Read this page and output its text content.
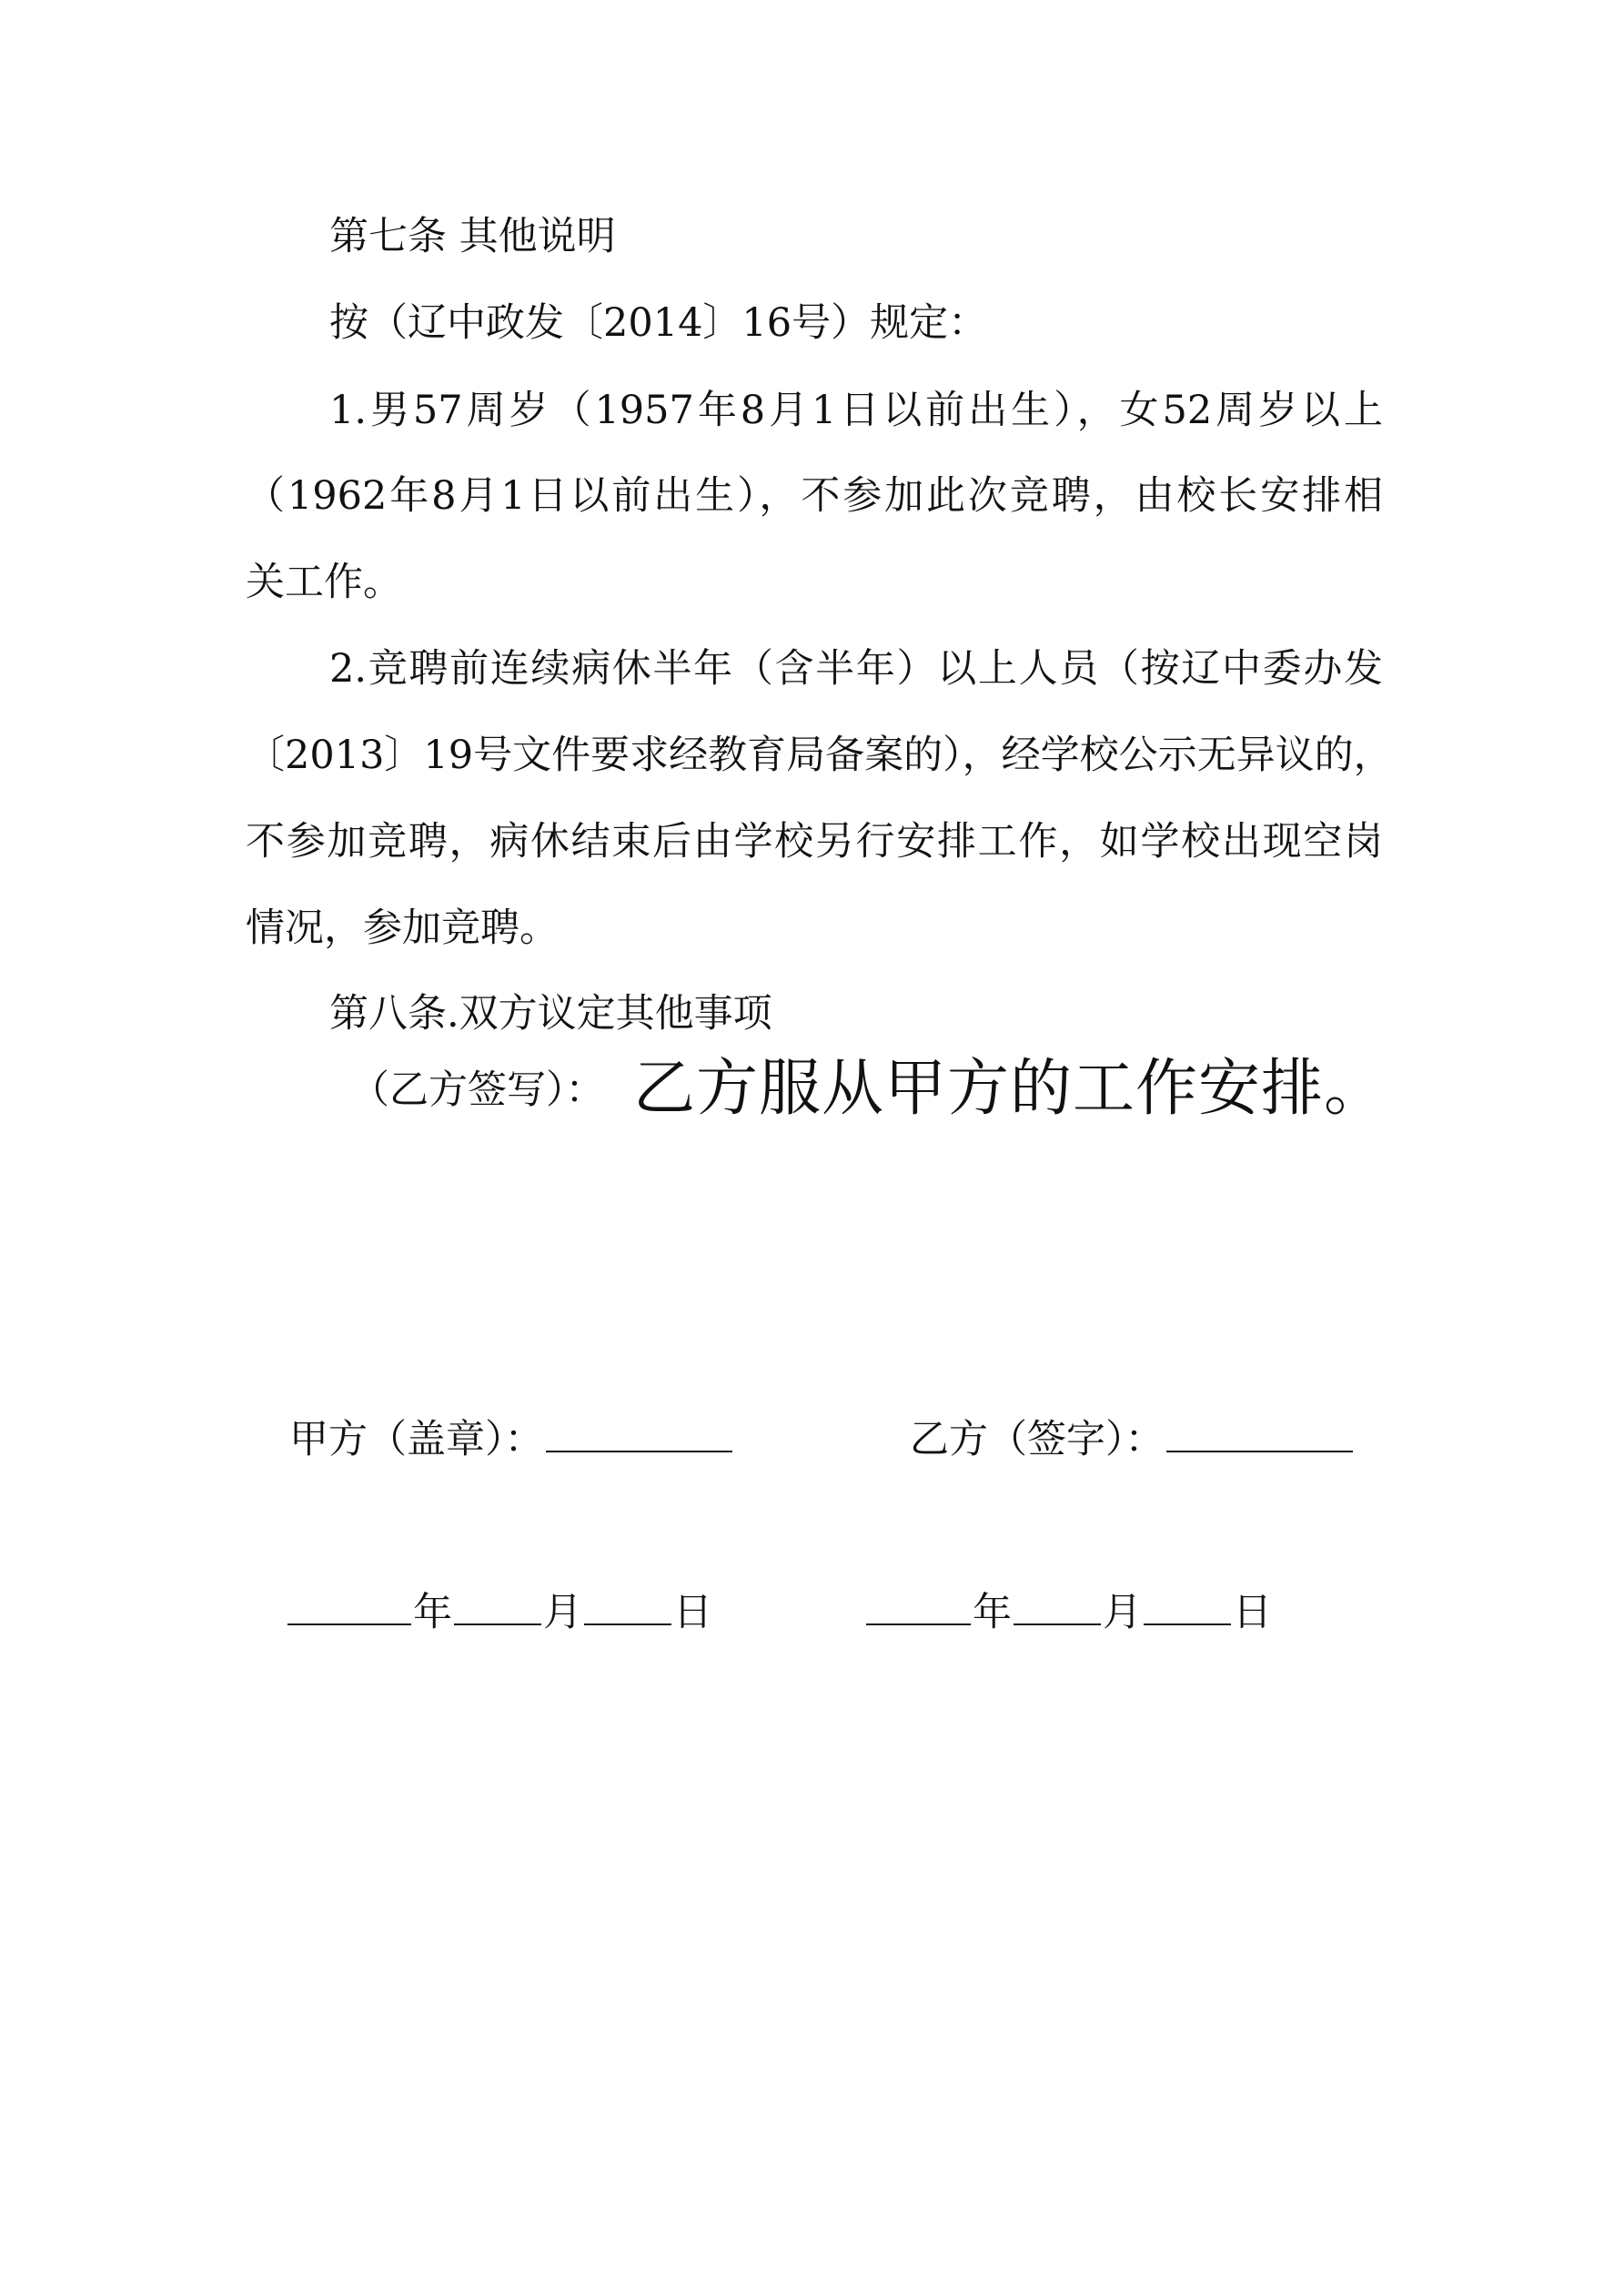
第七条 其他说明
按（辽中政发〔2014〕16号）规定：
1.男57周岁（1957年8月1日以前出生），女52周岁以上
（1962年8月1日以前出生），不参加此次竞聘，由校长安排相
关工作。
2.竞聘前连续病休半年（含半年）以上人员（按辽中委办发
〔2013〕19号文件要求经教育局备案的），经学校公示无异议的，
不参加竞聘，病休结束后由学校另行安排工作，如学校出现空岗
情况，参加竞聘。
第八条.双方议定其他事项
（乙方签写）： 乙方服从甲方的工作安排。
甲方（盖章）：	乙方（签字）：
年 月 日	年 月 日
